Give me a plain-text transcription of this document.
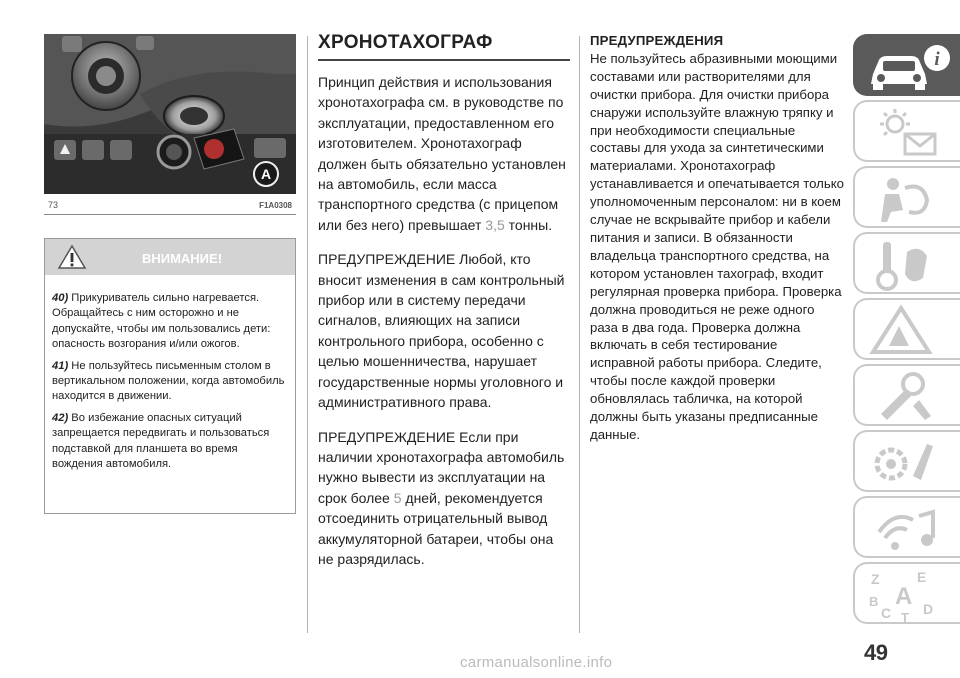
A
73	F1A0308
ВНИМАНИЕ!

40) Прикуриватель сильно нагревается. Обращайтесь с ним осторожно и не допускайте, чтобы им пользовались дети: опасность возгорания и/или ожогов.

41) Не пользуйтесь письменным столом в вертикальном положении, когда автомобиль находится в движении.

42) Во избежание опасных ситуаций запрещается передвигать и пользоваться подставкой для планшета во время вождения автомобиля.

ХРОНОТАХОГРАФ

Принцип действия и использования хронотахографа см. в руководстве по эксплуатации, предоставленном его изготовителем. Хронотахограф должен быть обязательно установлен на автомобиль, если масса транспортного средства (с прицепом или без него) превышает 3,5 тонны.

ПРЕДУПРЕЖДЕНИЕ Любой, кто вносит изменения в сам контрольный прибор или в систему передачи сигналов, влияющих на записи контрольного прибора, особенно с целью мошенничества, нарушает государственные нормы уголовного и административного права.

ПРЕДУПРЕЖДЕНИЕ Если при наличии хронотахографа автомобиль нужно вывести из эксплуатации на срок более 5 дней, рекомендуется отсоединить отрицательный вывод аккумуляторной батареи, чтобы она не разрядилась.

ПРЕДУПРЕЖДЕНИЯ
Не пользуйтесь абразивными моющими составами или растворителями для очистки прибора. Для очистки прибора снаружи используйте влажную тряпку и при необходимости специальные составы для ухода за синтетическими материалами. Хронотахограф устанавливается и опечатывается только уполномоченным персоналом: ни в коем случае не вскрывайте прибор и кабели питания и записи. В обязанности владельца транспортного средства, на котором установлен тахограф, входит регулярная проверка прибора. Проверка должна проводиться не реже одного раза в два года. Проверка должна включать в себя тестирование исправной работы прибора. Следите, чтобы после каждой проверки обновлялась табличка, на которой должны быть указаны предписанные данные.
i
Z	E
B A
C D
T
49
carmanualsonline.info
